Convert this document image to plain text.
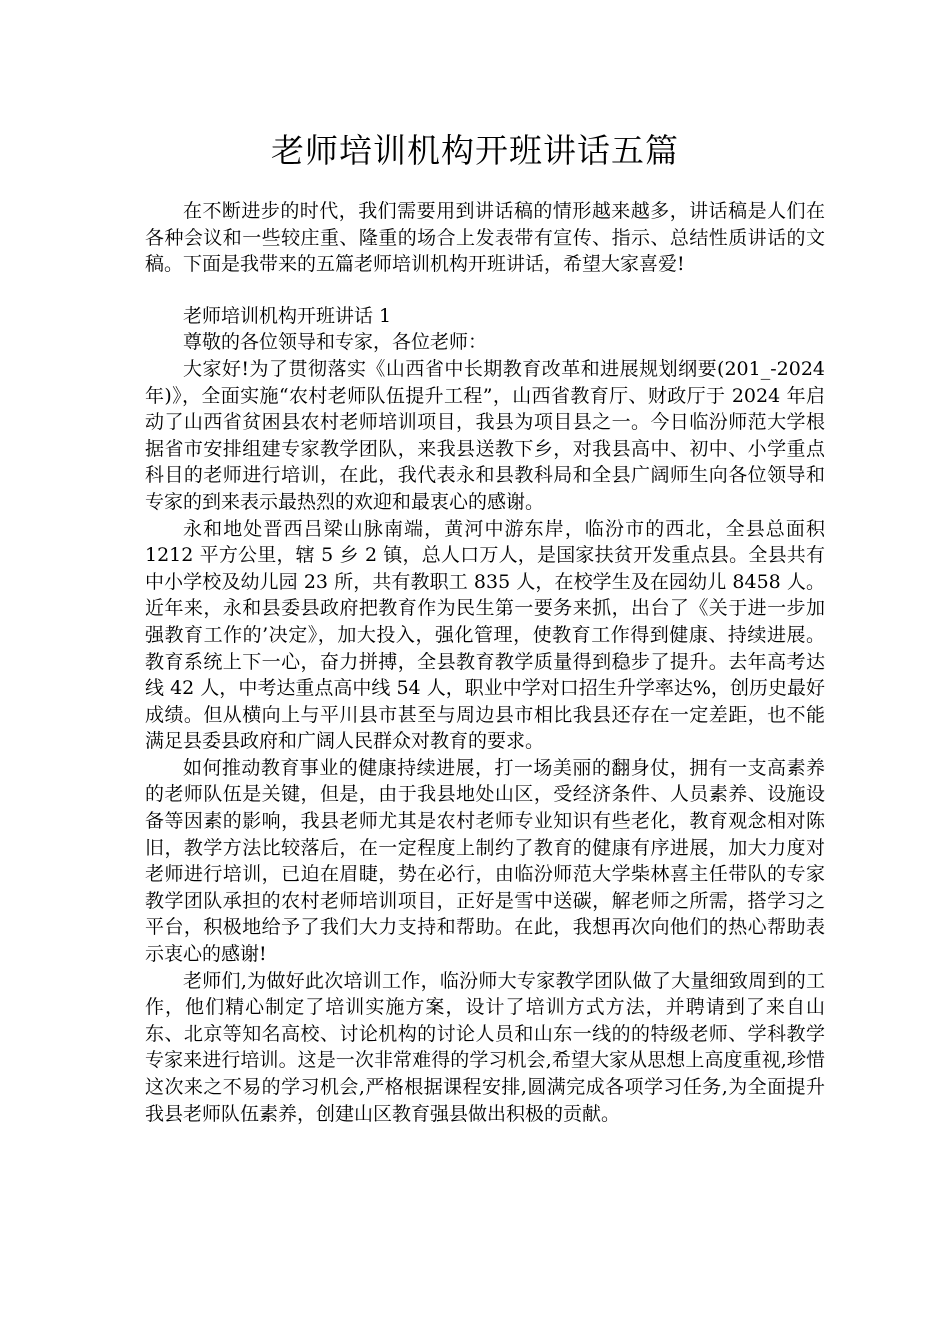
老师培训机构开班讲话五篇

在不断进步的时代，我们需要用到讲话稿的情形越来越多，讲话稿是人们在各种会议和一些较庄重、隆重的场合上发表带有宣传、指示、总结性质讲话的文稿。下面是我带来的五篇老师培训机构开班讲话，希望大家喜爱!

老师培训机构开班讲话 1

尊敬的各位领导和专家，各位老师：

大家好!为了贯彻落实《山西省中长期教育改革和进展规划纲要(201_-2024 年)》，全面实施“农村老师队伍提升工程”，山西省教育厅、财政厅于 2024 年启动了山西省贫困县农村老师培训项目，我县为项目县之一。今日临汾师范大学根据省市安排组建专家教学团队，来我县送教下乡，对我县高中、初中、小学重点科目的老师进行培训，在此，我代表永和县教科局和全县广阔师生向各位领导和专家的到来表示最热烈的欢迎和最衷心的感谢。

永和地处晋西吕梁山脉南端，黄河中游东岸，临汾市的西北，全县总面积 1212 平方公里，辖 5 乡 2 镇，总人口万人，是国家扶贫开发重点县。全县共有中小学校及幼儿园 23 所，共有教职工 835 人，在校学生及在园幼儿 8458 人。 近年来，永和县委县政府把教育作为民生第一要务来抓，出台了《关于进一步加强教育工作的’决定》，加大投入，强化管理，使教育工作得到健康、持续进展。教育系统上下一心，奋力拼搏，全县教育教学质量得到稳步了提升。去年高考达线 42 人，中考达重点高中线 54 人，职业中学对口招生升学率达%，创历史最好成绩。但从横向上与平川县市甚至与周边县市相比我县还存在一定差距，也不能满足县委县政府和广阔人民群众对教育的要求。

如何推动教育事业的健康持续进展，打一场美丽的翻身仗，拥有一支高素养的老师队伍是关键，但是，由于我县地处山区，受经济条件、人员素养、设施设备等因素的影响，我县老师尤其是农村老师专业知识有些老化，教育观念相对陈旧，教学方法比较落后，在一定程度上制约了教育的健康有序进展，加大力度对老师进行培训，已迫在眉睫，势在必行，由临汾师范大学柴林喜主任带队的专家教学团队承担的农村老师培训项目，正好是雪中送碳，解老师之所需，搭学习之平台，积极地给予了我们大力支持和帮助。在此，我想再次向他们的热心帮助表示衷心的感谢!

老师们,为做好此次培训工作，临汾师大专家教学团队做了大量细致周到的工作，他们精心制定了培训实施方案，设计了培训方式方法，并聘请到了来自山东、北京等知名高校、讨论机构的讨论人员和山东一线的的特级老师、学科教学专家来进行培训。这是一次非常难得的学习机会,希望大家从思想上高度重视,珍惜这次来之不易的学习机会,严格根据课程安排,圆满完成各项学习任务,为全面提升我县老师队伍素养，创建山区教育强县做出积极的贡献。
